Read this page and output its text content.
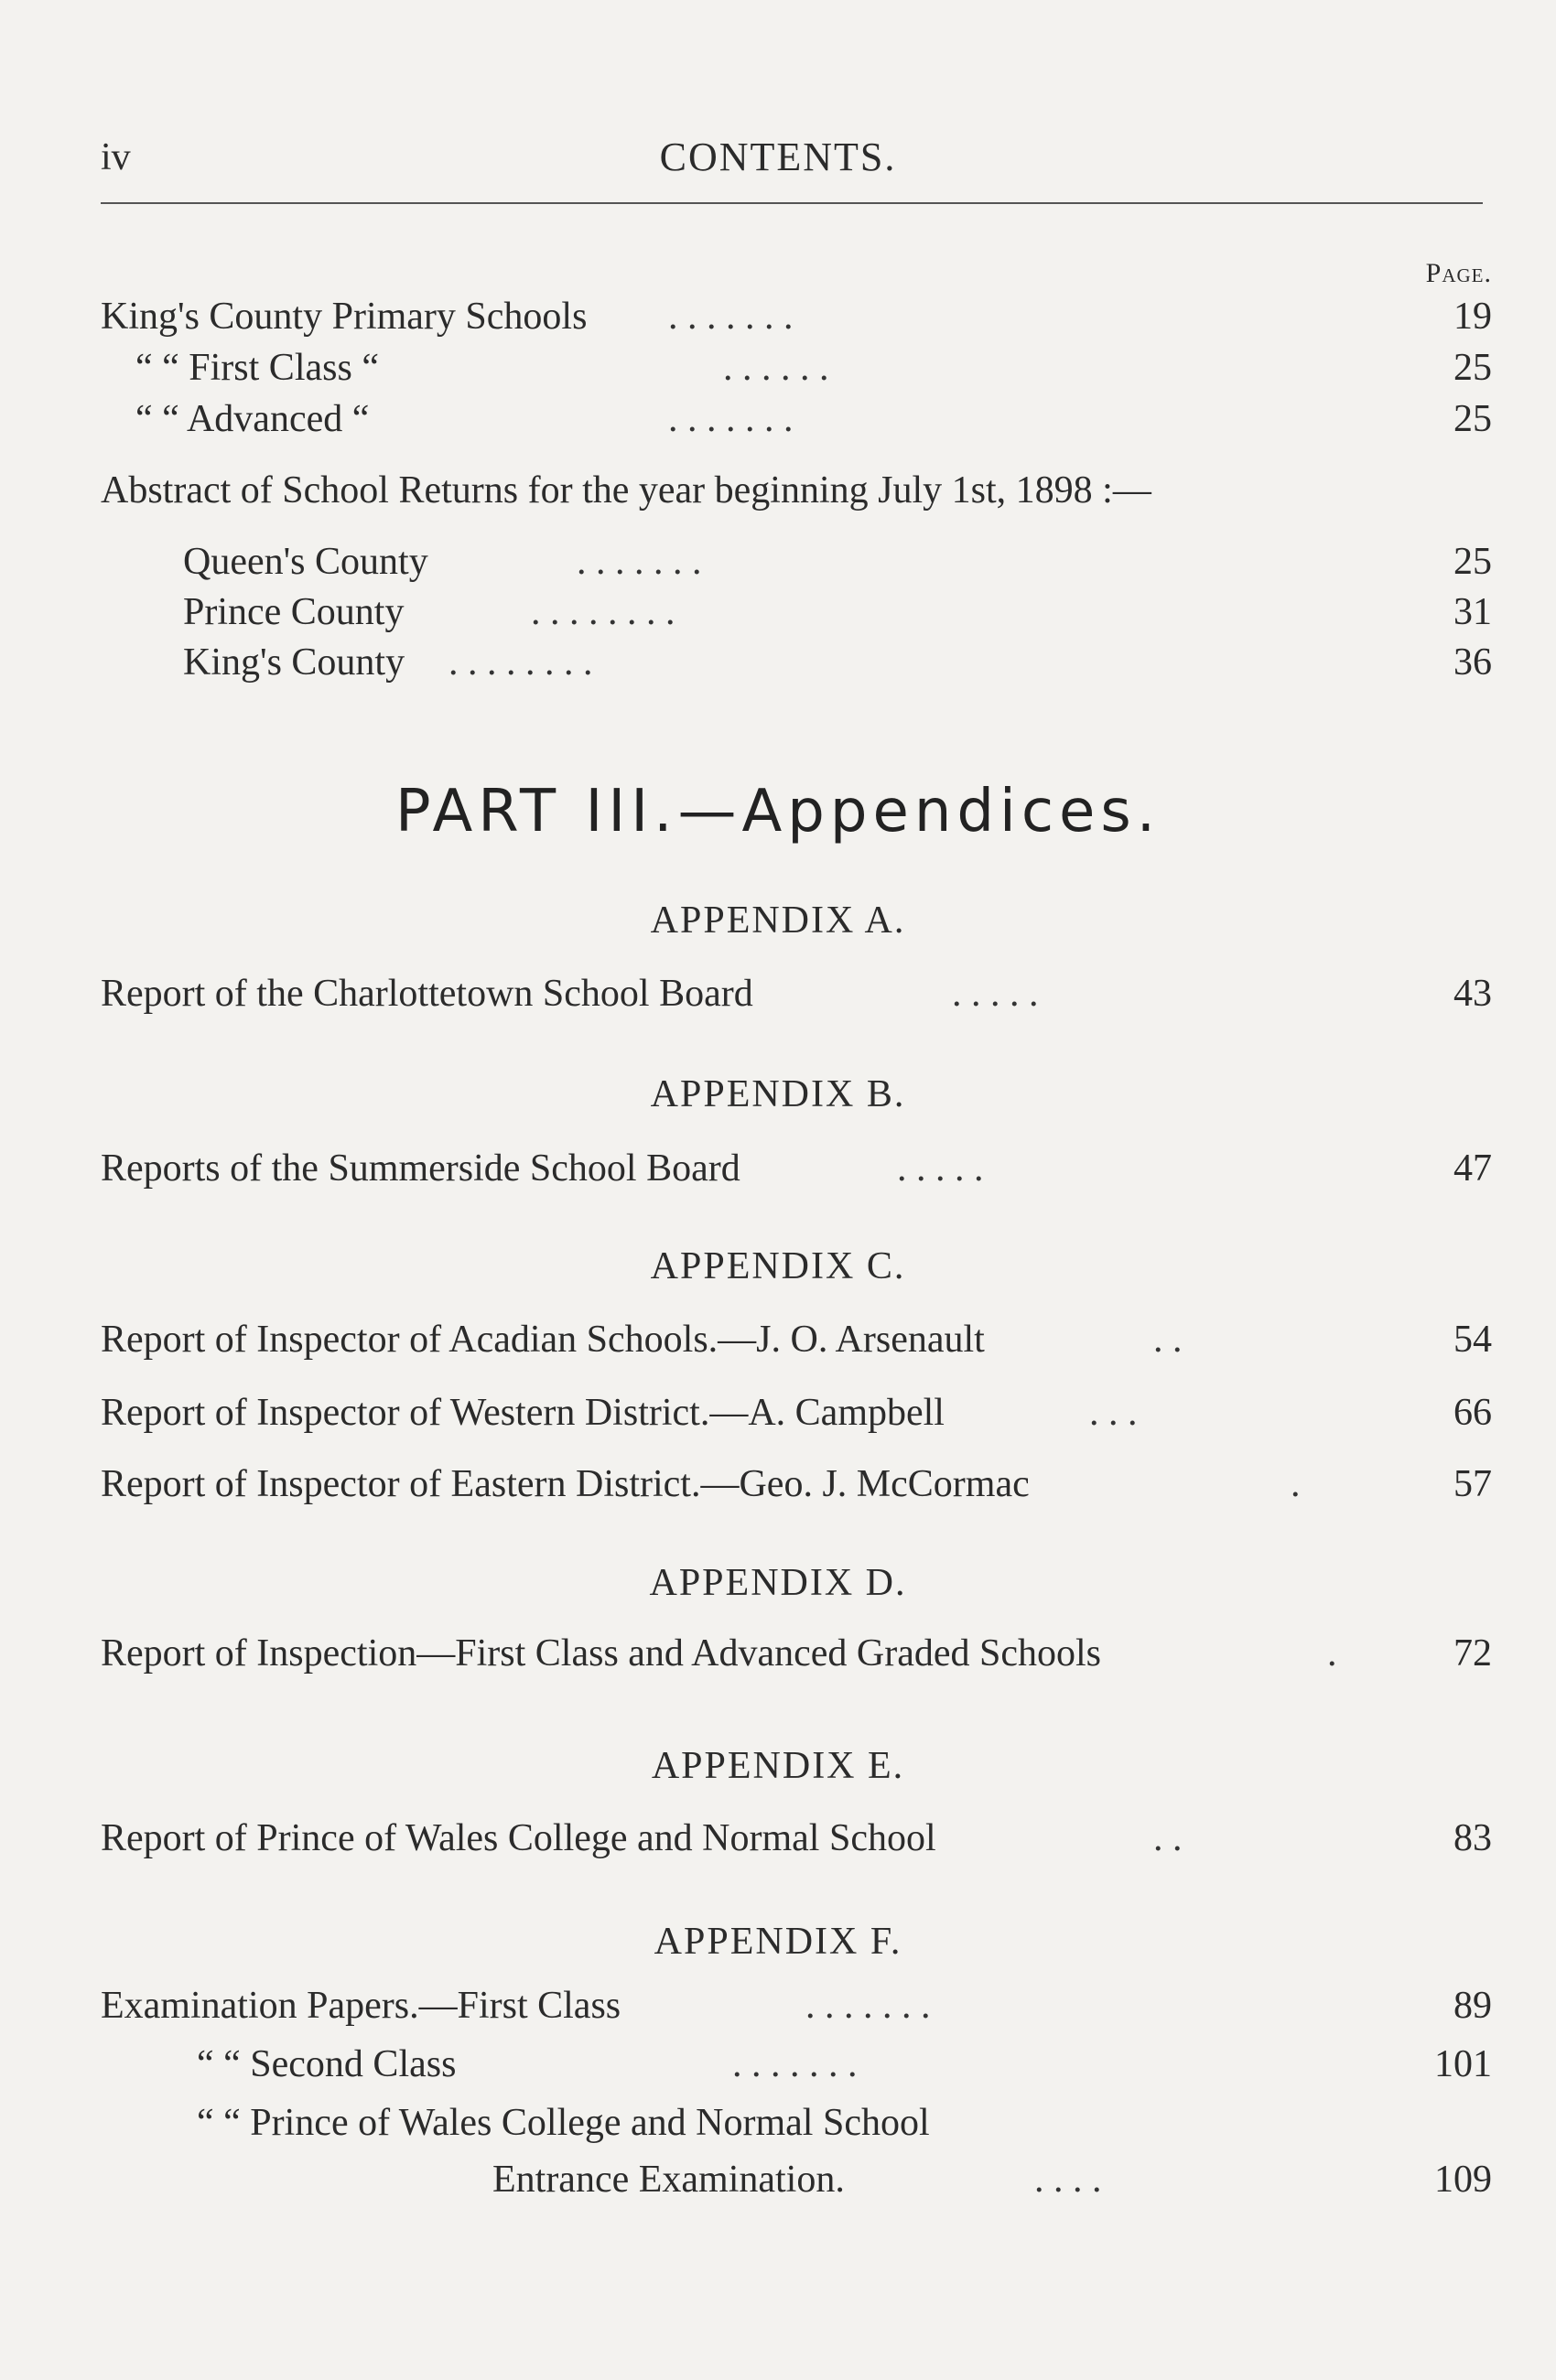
iv	CONTENTS.
Page.
King's County Primary Schools . . . . . . .	19
“ “ First Class “	. . . . . .	25
“ “ Advanced “	. . . . . . .	25
Abstract of School Returns for the year beginning July 1st, 1898 :—
Queen's County	. . . . . . .	25
Prince County	. . . . . . . .	31
King's County . . . . . . . .	36
PART III.—Appendices.
APPENDIX A.
Report of the Charlottetown School Board	. . . . .	43
APPENDIX B.
Reports of the Summerside School Board	. . . . .	47
APPENDIX C.
Report of Inspector of Acadian Schools.—J. O. Arsenault	. .	54
Report of Inspector of Western District.—A. Campbell	. . .	66
Report of Inspector of Eastern District.—Geo. J. McCormac	.	57
APPENDIX D.
Report of Inspection—First Class and Advanced Graded Schools	.	72
APPENDIX E.
Report of Prince of Wales College and Normal School	. .	83
APPENDIX F.
Examination Papers.—First Class	. . . . . . .	89
“ “ Second Class	. . . . . . .	101
“ “ Prince of Wales College and Normal School
Entrance Examination.	. . . .	109
